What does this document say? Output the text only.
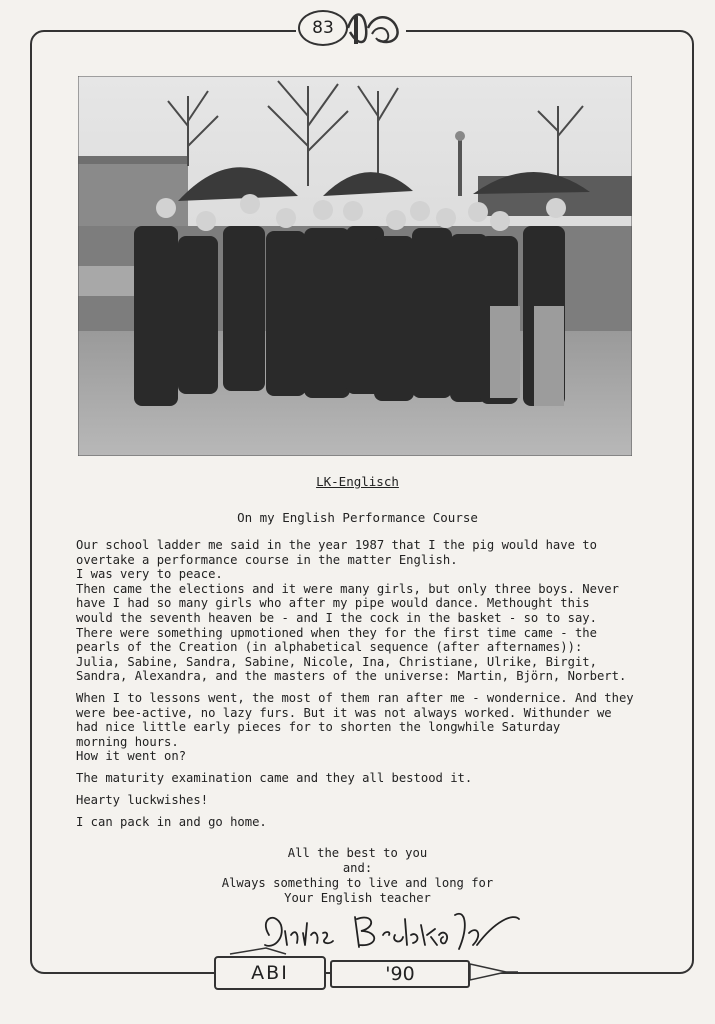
83
LK-Englisch
On my English Performance Course
Our school ladder me said in the year 1987 that I the pig would have to
overtake a performance course in the matter English.
I was very to peace.
Then came the elections and it were many girls, but only three boys. Never
have I had so many girls who after my pipe would dance. Methought this
would the seventh heaven be - and I the cock in the basket - so to say.
There were something upmotioned when they for the first time came - the
pearls of the Creation (in alphabetical sequence (after afternames)):
Julia, Sabine, Sandra, Sabine, Nicole, Ina, Christiane, Ulrike, Birgit,
Sandra, Alexandra, and the masters of the universe: Martin, Björn, Norbert.
When I to lessons went, the most of them ran after me - wondernice. And they
were bee-active, no lazy furs. But it was not always worked. Withunder we
had nice little early pieces for to shorten the longwhile Saturday
morning hours.
How it went on?
The maturity examination came and they all bestood it.
Hearty luckwishes!
I can pack in and go home.
All the best to you
and:
Always something to live and long for
Your English teacher
ABI	'90
